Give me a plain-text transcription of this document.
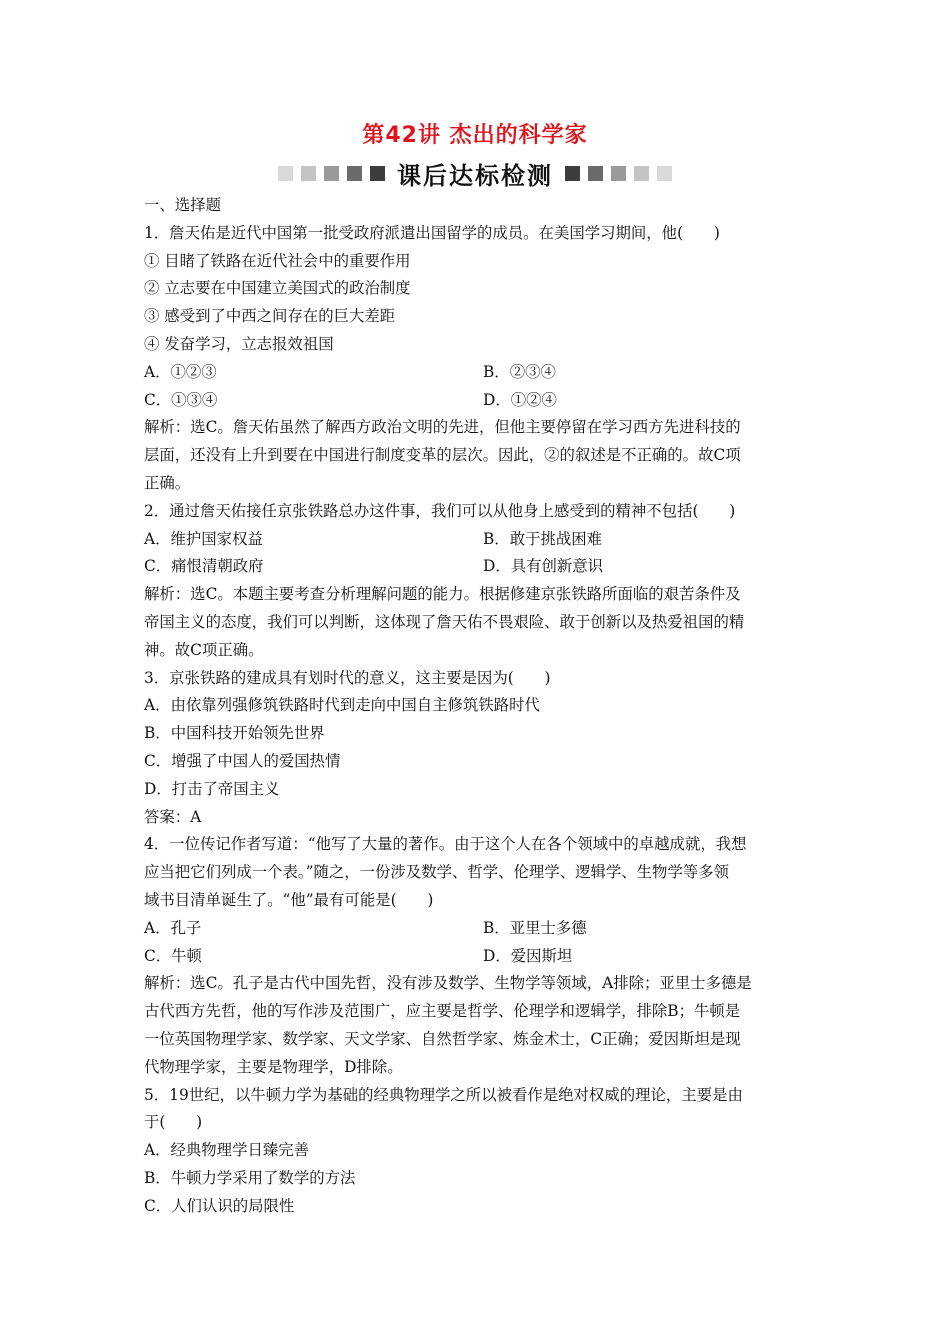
第42讲 杰出的科学家
课后达标检测
一、选择题
1．詹天佑是近代中国第一批受政府派遣出国留学的成员。在美国学习期间，他(　　)
① 目睹了铁路在近代社会中的重要作用
② 立志要在中国建立美国式的政治制度
③ 感受到了中西之间存在的巨大差距
④ 发奋学习，立志报效祖国
A．①②③	B．②③④
C．①③④	D．①②④
解析：选C。詹天佑虽然了解西方政治文明的先进，但他主要停留在学习西方先进科技的
层面，还没有上升到要在中国进行制度变革的层次。因此，②的叙述是不正确的。故C项
正确。
2．通过詹天佑接任京张铁路总办这件事，我们可以从他身上感受到的精神不包括(　　)
A．维护国家权益	B．敢于挑战困难
C．痛恨清朝政府	D．具有创新意识
解析：选C。本题主要考查分析理解问题的能力。根据修建京张铁路所面临的艰苦条件及
帝国主义的态度，我们可以判断，这体现了詹天佑不畏艰险、敢于创新以及热爱祖国的精
神。故C项正确。
3．京张铁路的建成具有划时代的意义，这主要是因为(　　)
A．由依靠列强修筑铁路时代到走向中国自主修筑铁路时代
B．中国科技开始领先世界
C．增强了中国人的爱国热情
D．打击了帝国主义
答案：A
4．一位传记作者写道：“他写了大量的著作。由于这个人在各个领域中的卓越成就，我想
应当把它们列成一个表。”随之，一份涉及数学、哲学、伦理学、逻辑学、生物学等多领
域书目清单诞生了。“他”最有可能是(　　)
A．孔子	B．亚里士多德
C．牛顿	D．爱因斯坦
解析：选C。孔子是古代中国先哲，没有涉及数学、生物学等领域，A排除；亚里士多德是
古代西方先哲，他的写作涉及范围广，应主要是哲学、伦理学和逻辑学，排除B；牛顿是
一位英国物理学家、数学家、天文学家、自然哲学家、炼金术士，C正确；爱因斯坦是现
代物理学家，主要是物理学，D排除。
5．19世纪，以牛顿力学为基础的经典物理学之所以被看作是绝对权威的理论，主要是由
于(　　)
A．经典物理学日臻完善
B．牛顿力学采用了数学的方法
C．人们认识的局限性
